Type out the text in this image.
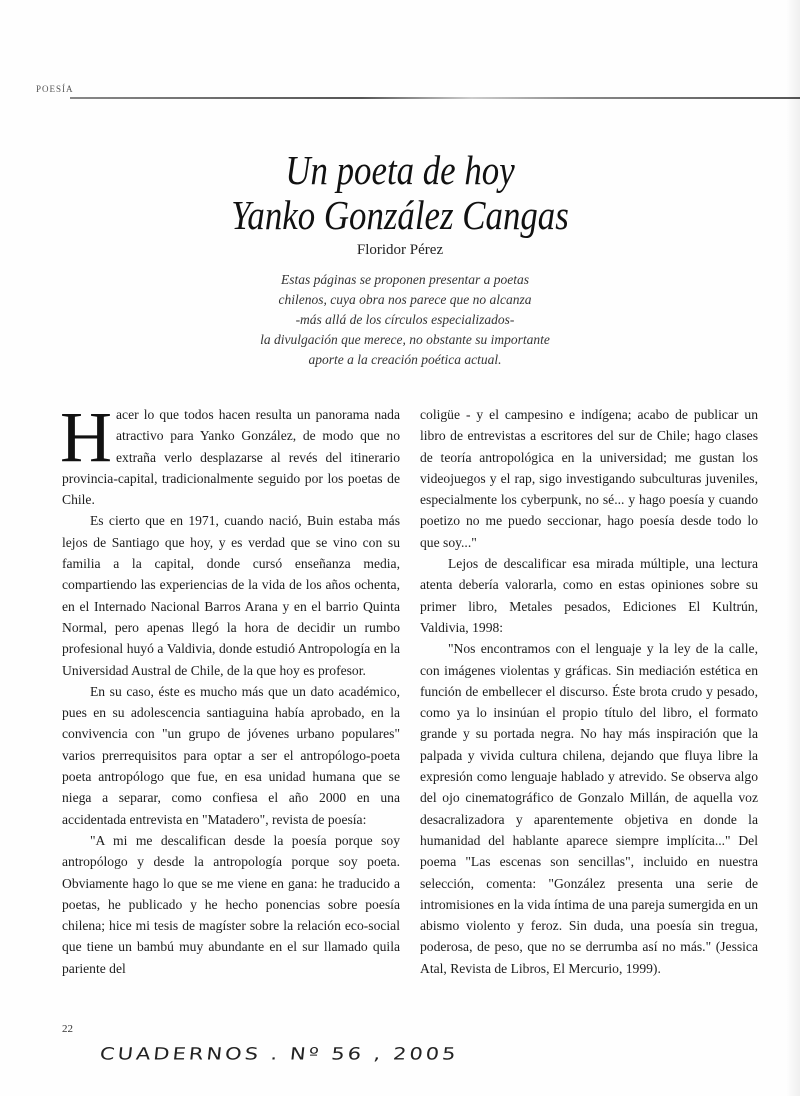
POESÍA
Un poeta de hoy
Yanko González Cangas
Floridor Pérez
Estas páginas se proponen presentar a poetas
chilenos, cuya obra nos parece que no alcanza
-más allá de los círculos especializados-
la divulgación que merece, no obstante su importante
aporte a la creación poética actual.

Hacer lo que todos hacen resulta un panorama nada atractivo para Yanko González, de modo que no extraña verlo desplazarse al revés del itinerario provincia-capital, tradicionalmente seguido por los poetas de Chile.

Es cierto que en 1971, cuando nació, Buin estaba más lejos de Santiago que hoy, y es verdad que se vino con su familia a la capital, donde cursó enseñanza media, compartiendo las experiencias de la vida de los años ochenta, en el Internado Nacional Barros Arana y en el barrio Quinta Normal, pero apenas llegó la hora de decidir un rumbo profesional huyó a Valdivia, donde estudió Antropología en la Universidad Austral de Chile, de la que hoy es profesor.

En su caso, éste es mucho más que un dato académico, pues en su adolescencia santiaguina había aprobado, en la convivencia con "un grupo de jóvenes urbano populares" varios prerrequisitos para optar a ser el antropólogo-poeta poeta antropólogo que fue, en esa unidad humana que se niega a separar, como confiesa el año 2000 en una accidentada entrevista en "Matadero", revista de poesía:

"A mi me descalifican desde la poesía porque soy antropólogo y desde la antropología porque soy poeta. Obviamente hago lo que se me viene en gana: he traducido a poetas, he publicado y he hecho ponencias sobre poesía chilena; hice mi tesis de magíster sobre la relación eco-social que tiene un bambú muy abundante en el sur llamado quila pariente del

coligüe - y el campesino e indígena; acabo de publicar un libro de entrevistas a escritores del sur de Chile; hago clases de teoría antropológica en la universidad; me gustan los videojuegos y el rap, sigo investigando subculturas juveniles, especialmente los cyberpunk, no sé... y hago poesía y cuando poetizo no me puedo seccionar, hago poesía desde todo lo que soy..."

Lejos de descalificar esa mirada múltiple, una lectura atenta debería valorarla, como en estas opiniones sobre su primer libro, Metales pesados, Ediciones El Kultrún, Valdivia, 1998:

"Nos encontramos con el lenguaje y la ley de la calle, con imágenes violentas y gráficas. Sin mediación estética en función de embellecer el discurso. Éste brota crudo y pesado, como ya lo insinúan el propio título del libro, el formato grande y su portada negra. No hay más inspiración que la palpada y vivida cultura chilena, dejando que fluya libre la expresión como lenguaje hablado y atrevido. Se observa algo del ojo cinematográfico de Gonzalo Millán, de aquella voz desacralizadora y aparentemente objetiva en donde la humanidad del hablante aparece siempre implícita..." Del poema "Las escenas son sencillas", incluido en nuestra selección, comenta: "González presenta una serie de intromisiones en la vida íntima de una pareja sumergida en un abismo violento y feroz. Sin duda, una poesía sin tregua, poderosa, de peso, que no se derrumba así no más." (Jessica Atal, Revista de Libros, El Mercurio, 1999).

22
CUADERNOS . Nº 56 , 2005
